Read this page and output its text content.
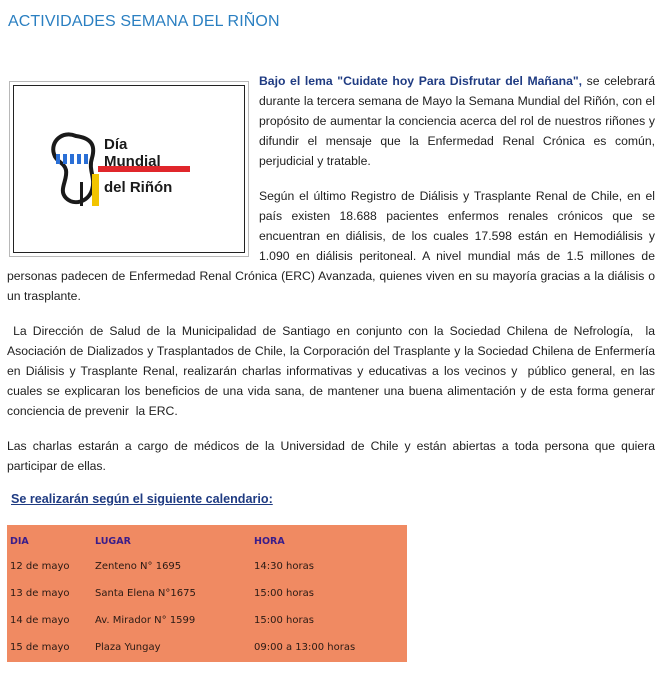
ACTIVIDADES SEMANA DEL RIÑON
Día
Mundial
del Riñón

Bajo el lema "Cuidate hoy Para Disfrutar del Mañana", se celebrará durante la tercera semana de Mayo la Semana Mundial del Riñón, con el propósito de aumentar la conciencia acerca del rol de nuestros riñones y difundir el mensaje que la Enfermedad Renal Crónica es común, perjudicial y tratable.

Según el último Registro de Diálisis y Trasplante Renal de Chile, en el país existen 18.688 pacientes enfermos renales crónicos que se encuentran en diálisis, de los cuales 17.598 están en Hemodiálisis y 1.090 en diálisis peritoneal. A nivel mundial más de 1.5 millones de personas padecen de Enfermedad Renal Crónica (ERC) Avanzada, quienes viven en su mayoría gracias a la diálisis o un trasplante.

La Dirección de Salud de la Municipalidad de Santiago en conjunto con la Sociedad Chilena de Nefrología,  la Asociación de Dializados y Trasplantados de Chile, la Corporación del Trasplante y la Sociedad Chilena de Enfermería en Diálisis y Trasplante Renal, realizarán charlas informativas y educativas a los vecinos y  público general, en las cuales se explicaran los beneficios de una vida sana, de mantener una buena alimentación y de esta forma generar conciencia de prevenir  la ERC.

Las charlas estarán a cargo de médicos de la Universidad de Chile y están abiertas a toda persona que quiera participar de ellas.

Se realizarán según el siguiente calendario:
DIA	LUGAR	HORA
12 de mayo	Zenteno N° 1695	14:30 horas
13 de mayo	Santa Elena N°1675	15:00 horas
14 de mayo	Av. Mirador N° 1599	15:00 horas
15 de mayo	Plaza Yungay	09:00 a 13:00 horas
